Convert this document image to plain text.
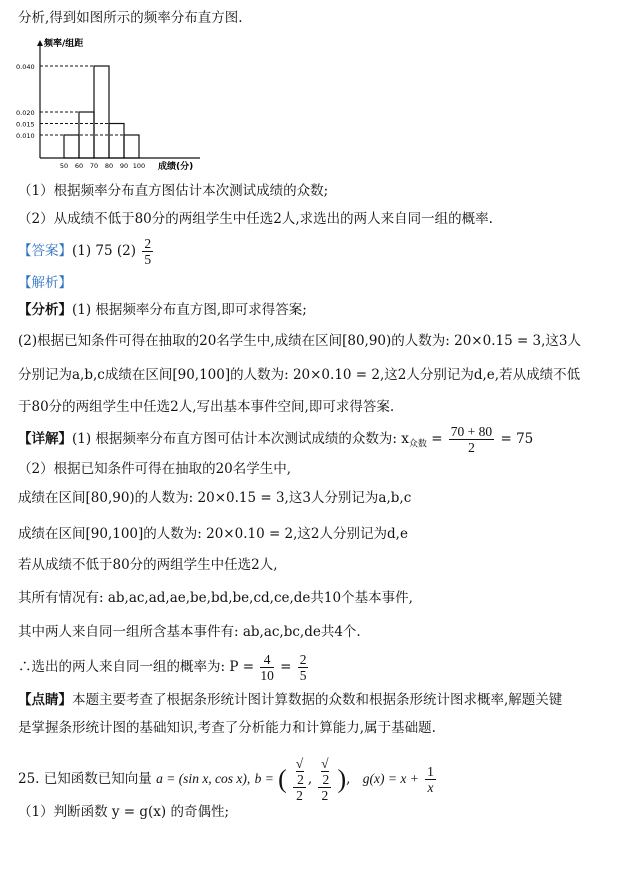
分析,得到如图所示的频率分布直方图.
0.010
0.015
0.020
0.040
50 60 70 80 90 100
频率/组距
成绩(分)
（1）根据频率分布直方图估计本次测试成绩的众数;
（2）从成绩不低于80分的两组学生中任选2人,求选出的两人来自同一组的概率.
【答案】(1) 75 $(2) \frac{2}{5}$
【解析】
【分析】(1) 根据频率分布直方图,即可求得答案;
(2)根据已知条件可得在抽取的20名学生中,成绩在区间[80,90)的人数为: 20×0.15 = 3,这3人
分别记为a,b,c成绩在区间[90,100]的人数为: 20×0.10 = 2,这2人分别记为d,e,若从成绩不低
于80分的两组学生中任选2人,写出基本事件空间,即可求得答案.
【详解】(1) 根据频率分布直方图可估计本次测试成绩的众数为: $x_{众数} = \frac{70 + 80}{2} = 75$
（2）根据已知条件可得在抽取的20名学生中,
成绩在区间[80,90)的人数为: 20×0.15 = 3,这3人分别记为a,b,c
成绩在区间[90,100]的人数为: 20×0.10 = 2,这2人分别记为d,e
若从成绩不低于80分的两组学生中任选2人,
其所有情况有: ab,ac,ad,ae,be,bd,be,cd,ce,de共10个基本事件,
其中两人来自同一组所含基本事件有: ab,ac,bc,de共4个.
∴选出的两人来自同一组的概率为: $P = \frac{4}{10} = \frac{2}{5}$
【点睛】本题主要考查了根据条形统计图计算数据的众数和根据条形统计图求概率,解题关键
是掌握条形统计图的基础知识,考查了分析能力和计算能力,属于基础题.
25. 已知函数已知向量 a = (sin x, cos x), b = ( √
2
2 , √
2
2 ), $g(x) = x + \frac{1}{x}$
（1）判断函数 y = g(x) 的奇偶性;
